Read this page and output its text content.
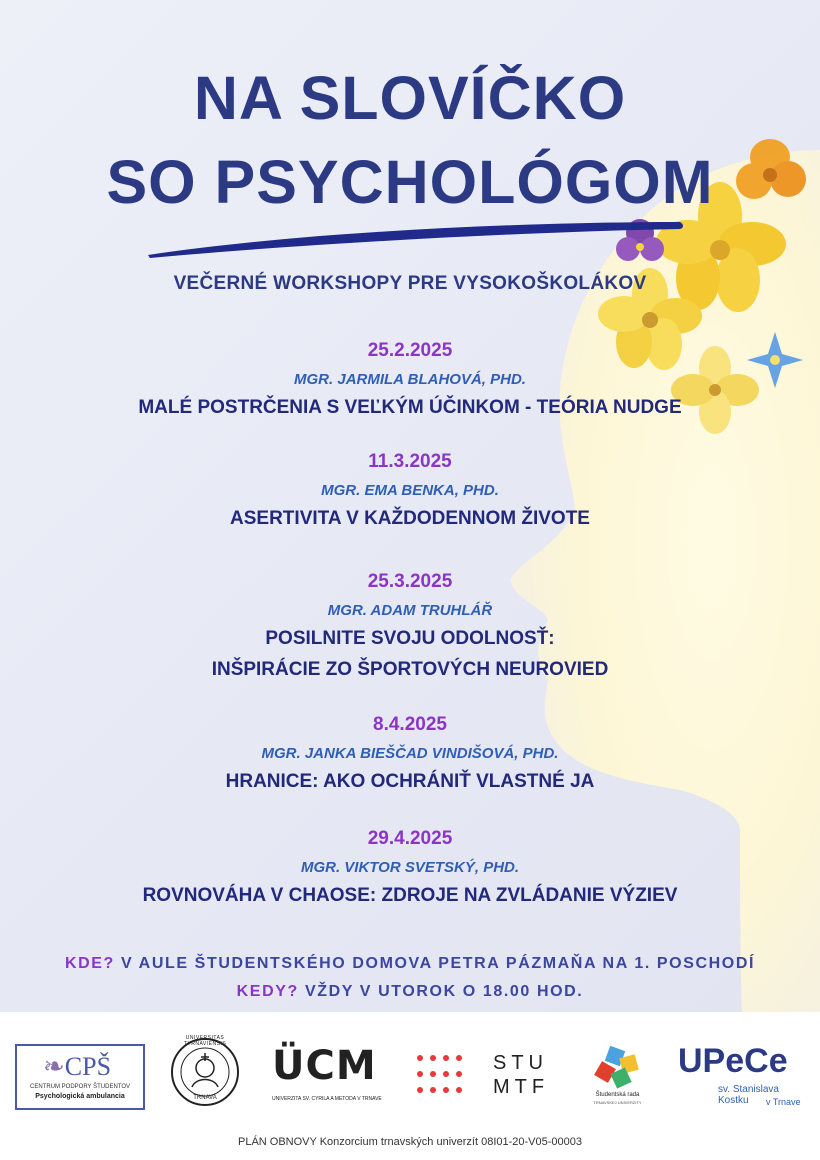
NA SLOVÍČKO
SO PSYCHOLÓGOM
VEČERNÉ WORKSHOPY PRE VYSOKOŠKOLÁKOV
25.2.2025
MGR. JARMILA BLAHOVÁ, PHD.
MALÉ POSTRČENIA S VEĽKÝM ÚČINKOM - TEÓRIA NUDGE
11.3.2025
MGR. EMA BENKA, PHD.
ASERTIVITA V KAŽDODENNOM ŽIVOTE
25.3.2025
MGR. ADAM TRUHLÁŘ
POSILNITE SVOJU ODOLNOSŤ:
INŠPIRÁCIE ZO ŠPORTOVÝCH NEUROVIED
8.4.2025
MGR. JANKA BIEŠČAD VINDIŠOVÁ, PHD.
HRANICE: AKO OCHRÁNIŤ VLASTNÉ JA
29.4.2025
MGR. VIKTOR SVETSKÝ, PHD.
ROVNOVÁHA V CHAOSE: ZDROJE NA ZVLÁDANIE VÝZIEV
KDE? V AULE ŠTUDENTSKÉHO DOMOVA PETRA PÁZMAŇA NA 1. POSCHODÍ
KEDY? VŽDY V UTOROK O 18.00 HOD.
❧CPŠ
CENTRUM PODPORY ŠTUDENTOV
Psychologická ambulancia
UNIVERSITAS TYRNAVIENSIS
TRNAVA
ÜCM
UNIVERZITA SV. CYRILA A METODA V TRNAVE
STU
MTF	Študentská rada
TRNAVSKEJ UNIVERZITY
UPeCe
sv. Stanislava Kostku	v Trnave
PLÁN OBNOVY Konzorcium trnavských univerzít 08I01-20-V05-00003
